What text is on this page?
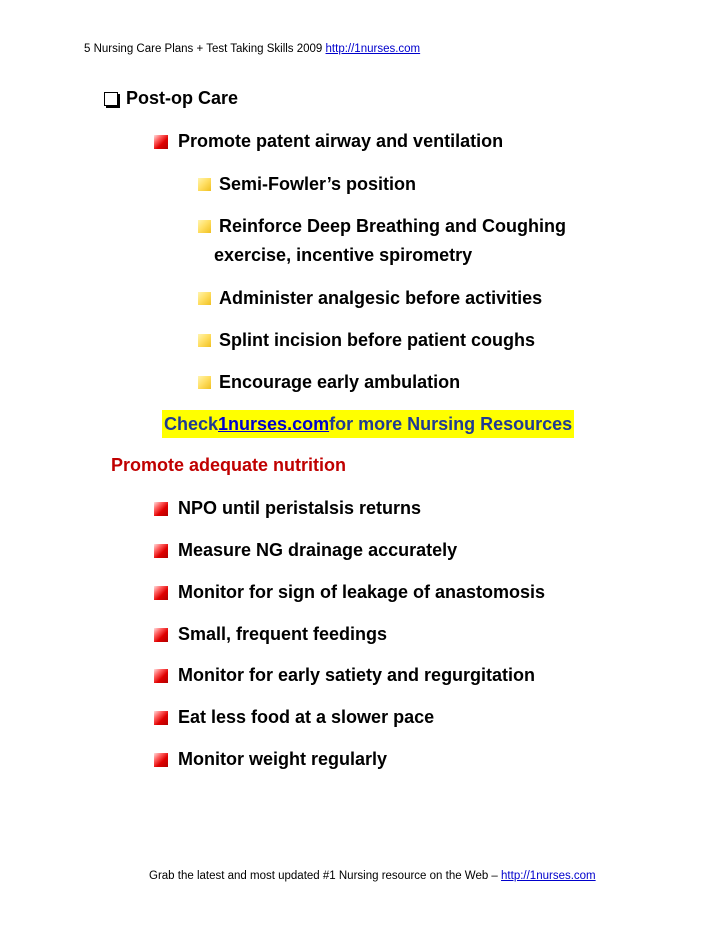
5 Nursing Care Plans + Test Taking Skills 2009 http://1nurses.com
Post-op Care
Promote patent airway and ventilation
Semi-Fowler’s position
Reinforce Deep Breathing and Coughing
exercise, incentive spirometry
Administer analgesic before activities
Splint incision before patient coughs
Encourage early ambulation
Check 1nurses.com for more Nursing Resources
Promote adequate nutrition
NPO until peristalsis returns
Measure NG drainage accurately
Monitor for sign of leakage of anastomosis
Small, frequent feedings
Monitor for early satiety and regurgitation
Eat less food at a slower pace
Monitor weight regularly
Grab the latest and most updated #1 Nursing resource on the Web – http://1nurses.com
